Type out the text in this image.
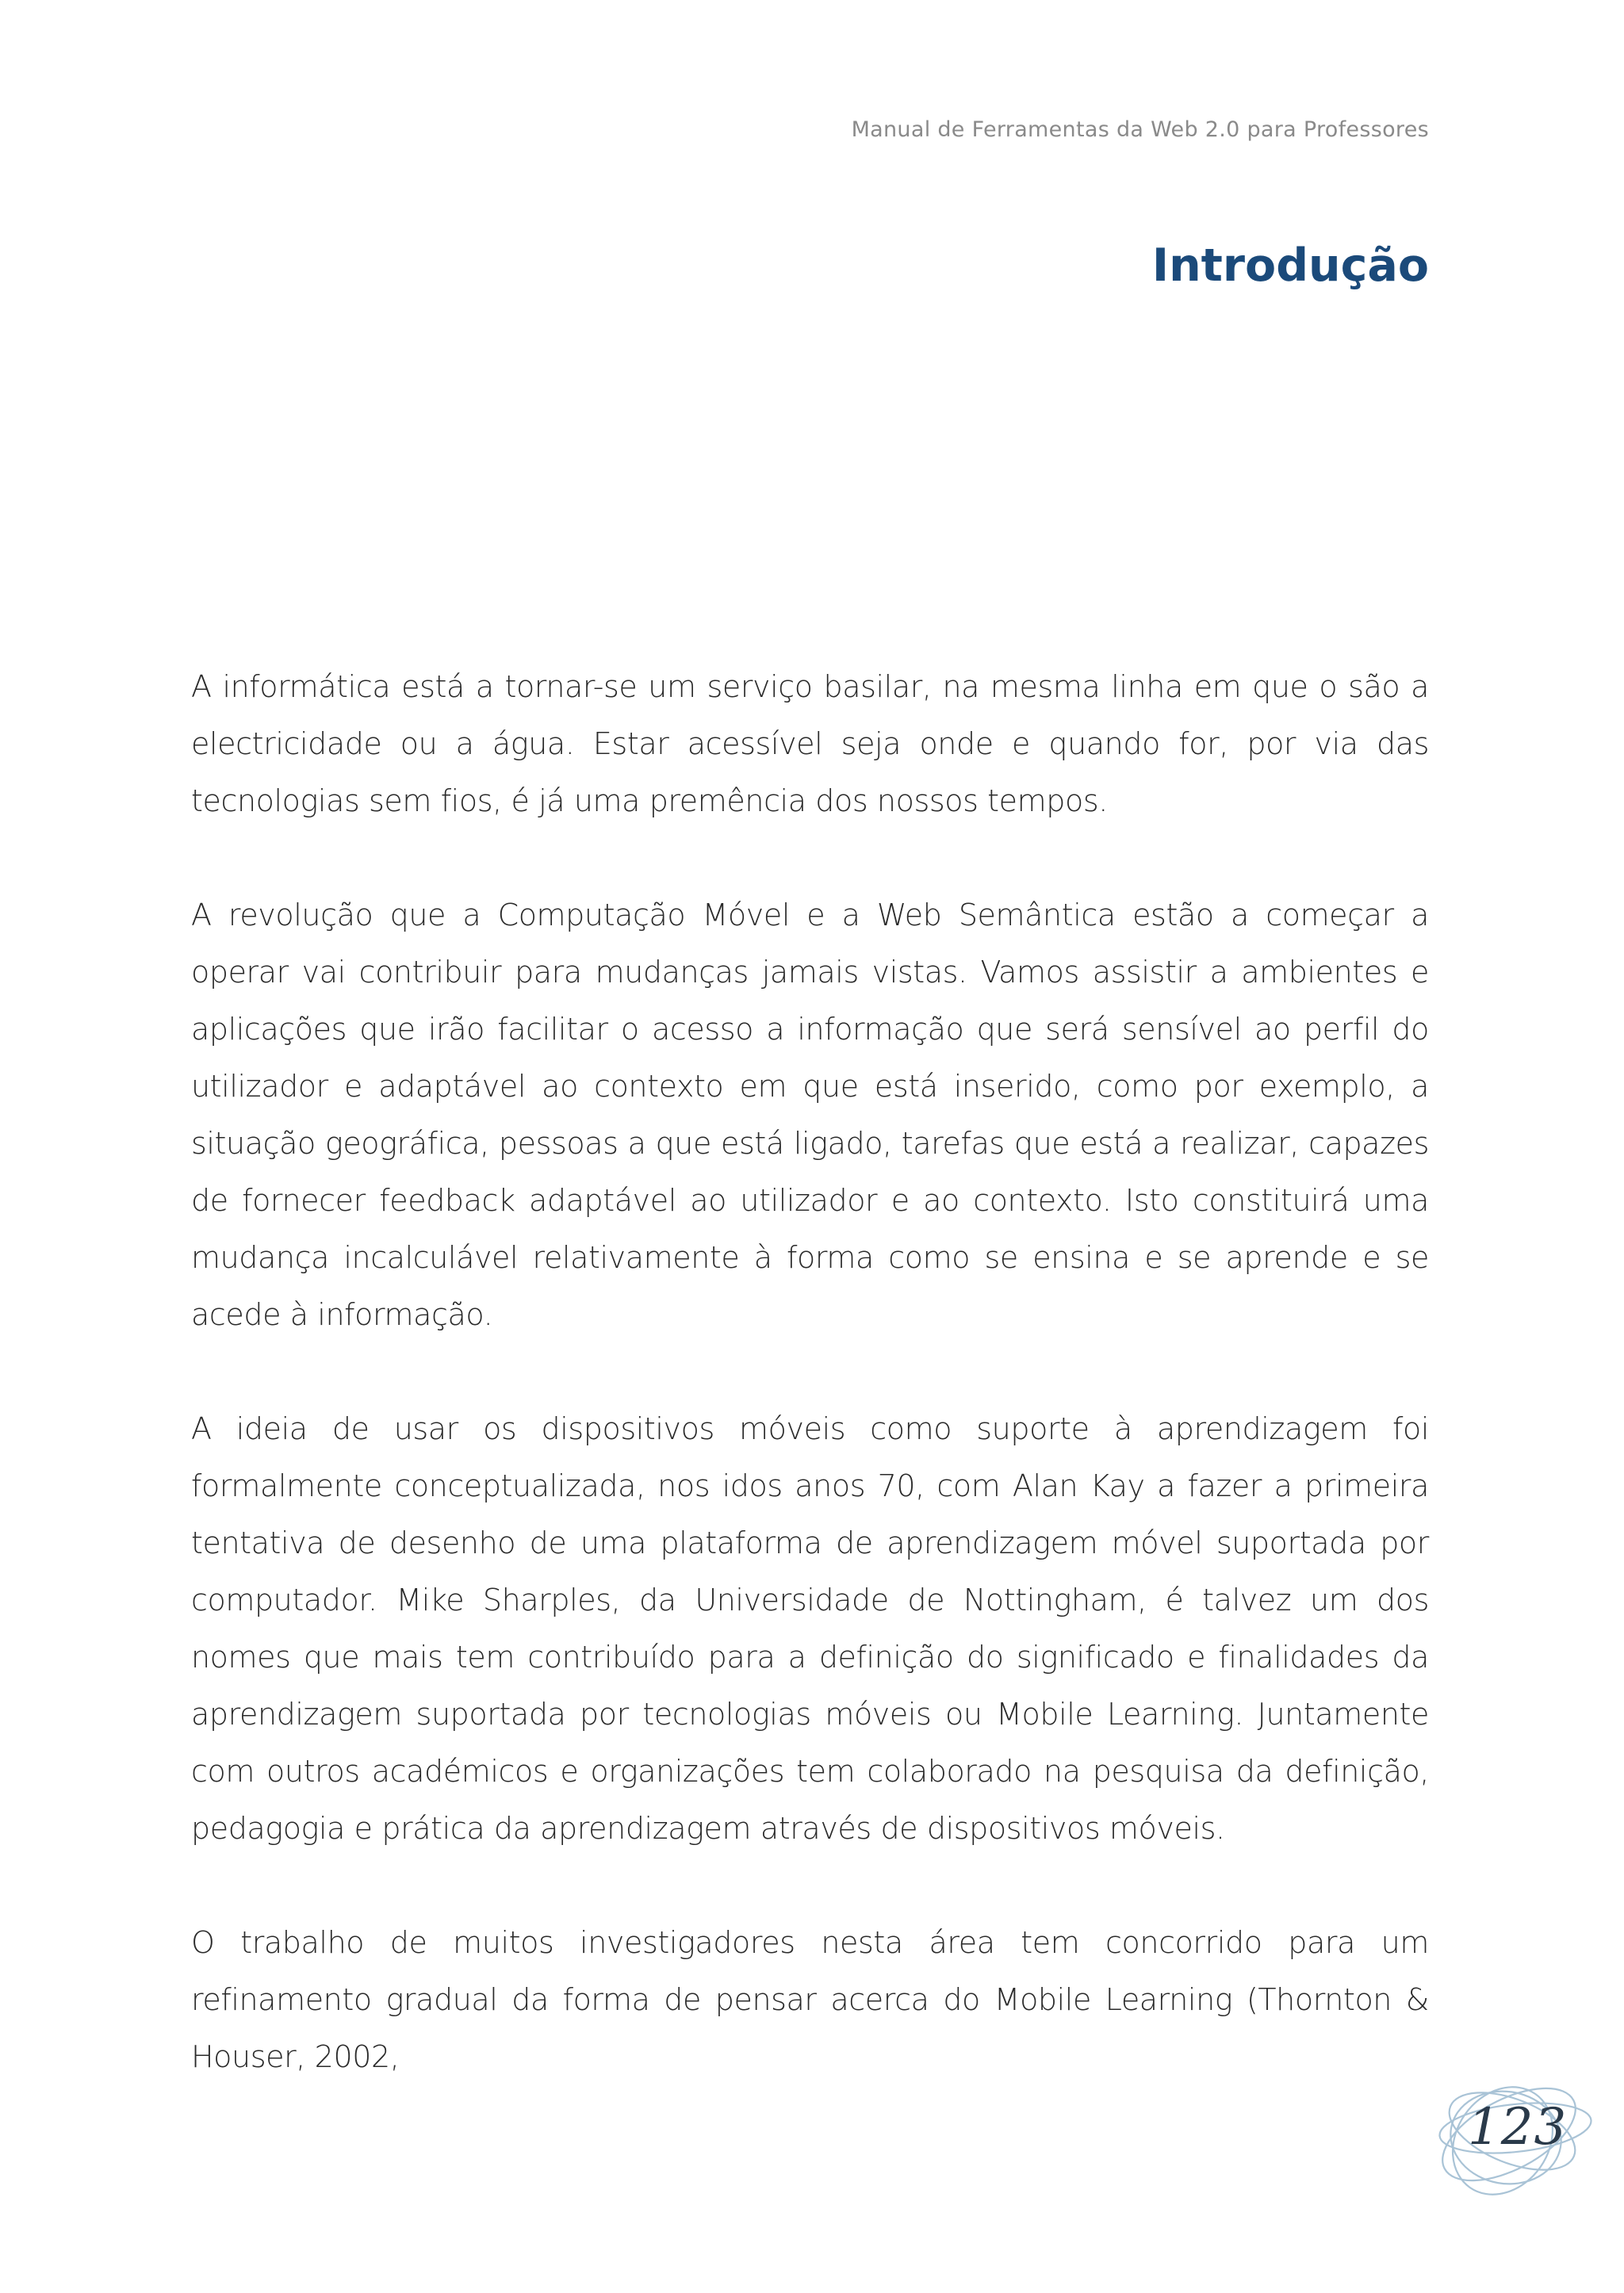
Manual de Ferramentas da Web 2.0 para Professores
Introdução

A informática está a tornar-se um serviço basilar, na mesma linha em que o são a electricidade ou a água. Estar acessível seja onde e quando for, por via das tecnologias sem fios, é já uma premência dos nossos tempos.

A revolução que a Computação Móvel e a Web Semântica estão a começar a operar vai contribuir para mudanças jamais vistas. Vamos assistir a ambientes e aplicações que irão facilitar o acesso a informação que será sensível ao perfil do utilizador e adaptável ao contexto em que está inserido, como por exemplo, a situação geográfica, pessoas a que está ligado, tarefas que está a realizar, capazes de fornecer feedback adaptável ao utilizador e ao contexto. Isto constituirá uma mudança incalculável relativamente à forma como se ensina e se aprende e se acede à informação.

A ideia de usar os dispositivos móveis como suporte à aprendizagem foi formalmente conceptualizada, nos idos anos 70, com Alan Kay a fazer a primeira tentativa de desenho de uma plataforma de aprendizagem móvel suportada por computador. Mike Sharples, da Universidade de Nottingham, é talvez um dos nomes que mais tem contribuído para a definição do significado e finalidades da aprendizagem suportada por tecnologias móveis ou Mobile Learning. Juntamente com outros académicos e organizações tem colaborado na pesquisa da definição, pedagogia e prática da aprendizagem através de dispositivos móveis.

O trabalho de muitos investigadores nesta área tem concorrido para um refinamento gradual da forma de pensar acerca do Mobile Learning (Thornton & Houser, 2002,

123
